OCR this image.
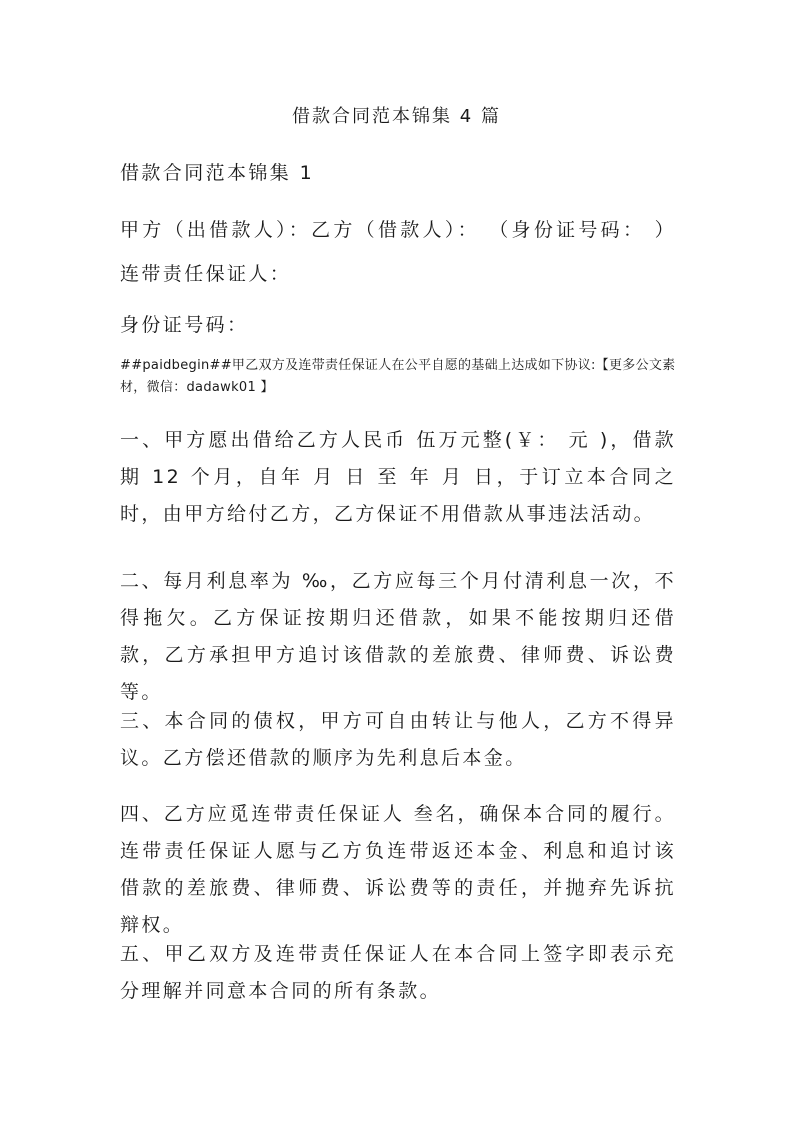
借款合同范本锦集 4 篇
借款合同范本锦集 1
甲方（出借款人）：乙方（借款人）： （身份证号码： ） 连带责任保证人：
身份证号码：
##paidbegin##甲乙双方及连带责任保证人在公平自愿的基础上达成如下协议:【更多公文素材，微信：dadawk01 】
一、甲方愿出借给乙方人民币 伍万元整(￥： 元 )，借款期 12 个月，自年 月 日 至 年 月 日，于订立本合同之时，由甲方给付乙方，乙方保证不用借款从事违法活动。
二、每月利息率为 ‰，乙方应每三个月付清利息一次，不得拖欠。乙方保证按期归还借款，如果不能按期归还借款，乙方承担甲方追讨该借款的差旅费、律师费、诉讼费等。
三、本合同的债权，甲方可自由转让与他人，乙方不得异议。乙方偿还借款的顺序为先利息后本金。
四、乙方应觅连带责任保证人 叁名，确保本合同的履行。连带责任保证人愿与乙方负连带返还本金、利息和追讨该借款的差旅费、律师费、诉讼费等的责任，并抛弃先诉抗辩权。
五、甲乙双方及连带责任保证人在本合同上签字即表示充分理解并同意本合同的所有条款。
